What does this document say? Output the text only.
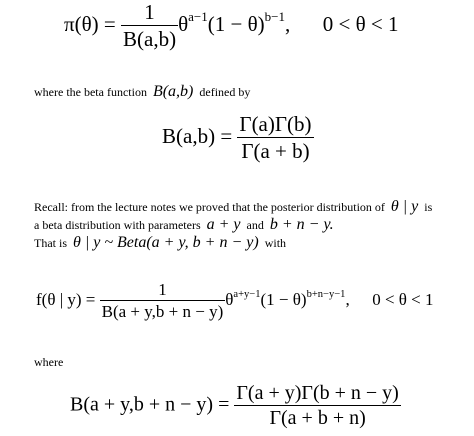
$\pi(\theta) = \frac{1}{B(a,b)} \theta^{a-1}(1 - \theta)^{b-1}$, 0 < θ < 1
where the beta function B(a,b) defined by
$B(a,b) = \frac{\Gamma(a)\Gamma(b)}{\Gamma(a + b)}$
Recall: from the lecture notes we proved that the posterior distribution of θ | y is
a beta distribution with parameters a + y and b + n − y.
That is θ | y ~ Beta(a + y, b + n − y) with
f(θ | $y) = \frac{1}{B(a + y,b + n - y)} \theta^{a+y-1}(1 - \theta)^{b+n-y-1}$, 0 < θ < 1
where
$B(a + y,b + n - y) = \frac{\Gamma(a + y)\Gamma(b + n - y)}{\Gamma(a + b + n)}$
